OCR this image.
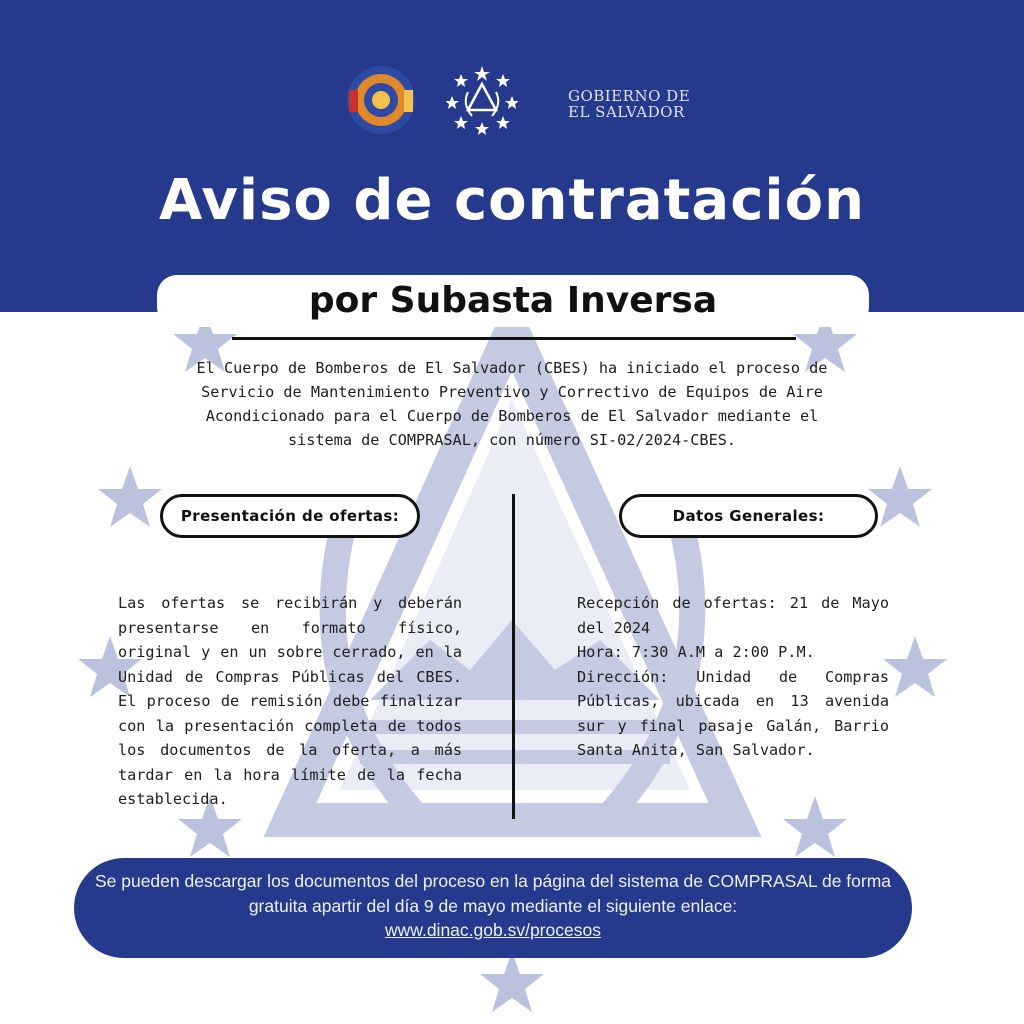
GOBIERNO DE
EL SALVADOR
Aviso de contratación
por Subasta Inversa
El Cuerpo de Bomberos de El Salvador (CBES) ha iniciado el proceso de Servicio de Mantenimiento Preventivo y Correctivo de Equipos de Aire Acondicionado para el Cuerpo de Bomberos de El Salvador mediante el sistema de COMPRASAL, con número SI-02/2024-CBES.
Presentación de ofertas:	Datos Generales:
Las ofertas se recibirán y deberán presentarse en formato físico, original y en un sobre cerrado, en la Unidad de Compras Públicas del CBES. El proceso de remisión debe finalizar con la presentación completa de todos los documentos de la oferta, a más tardar en la hora límite de la fecha establecida.
Recepción de ofertas: 21 de Mayo del 2024
Hora: 7:30 A.M a 2:00 P.M.
Dirección: Unidad de Compras Públicas, ubicada en 13 avenida sur y final pasaje Galán, Barrio Santa Anita, San Salvador.
Se pueden descargar los documentos del proceso en la página del sistema de COMPRASAL de forma gratuita apartir del día 9 de mayo mediante el siguiente enlace:
www.dinac.gob.sv/procesos
